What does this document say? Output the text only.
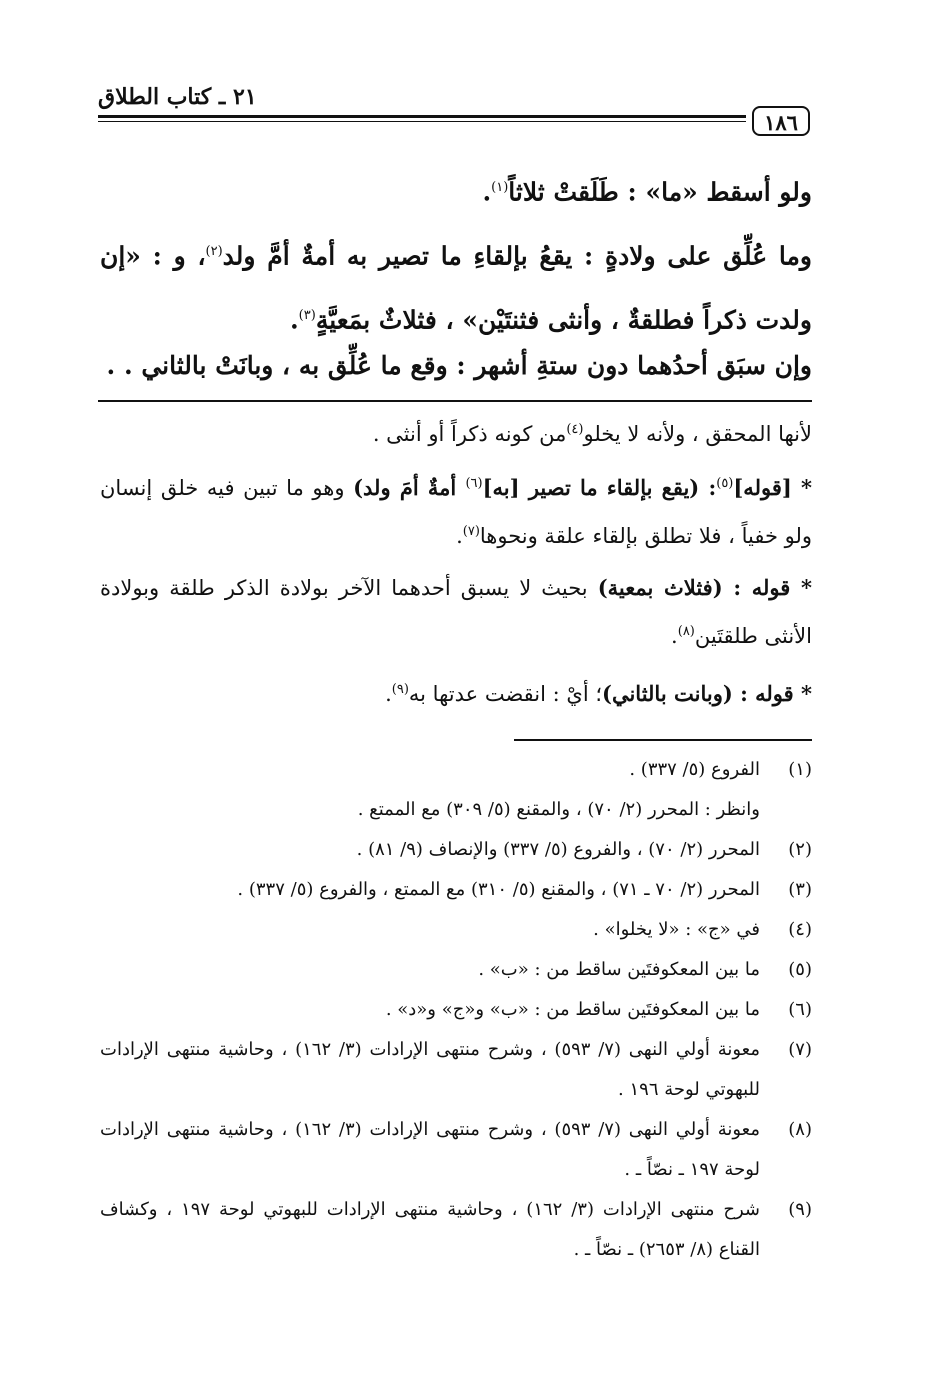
٢١ ـ كتاب الطلاق
١٨٦

ولو أسقط «ما» : طَلَقتْ ثلاثاً$^{(١)}$.

وما عُلِّق على ولادةٍ : يقعُ بإلقاءِ ما تصير به أمةٌ أمَّ ولد$^{(٢)}$، و : «إن ولدت ذكراً فطلقةٌ ، وأنثى فثنتَيْن» ، فثلاثٌ بمَعيَّةٍ$^{(٣)}$.

وإن سبَق أحدُهما دون ستةِ أشهر : وقع ما عُلِّق به ، وبانَتْ بالثاني . .

لأنها المحقق ، ولأنه لا يخلو$^{(٤)}$من كونه ذكراً أو أنثى .

* [قوله]$^{(٥)}$: (يقع بإلقاء ما تصير [به]$^{(٦)}$ أمةٌ أمَ ولد) وهو ما تبين فيه خلق إنسان ولو خفياً ، فلا تطلق بإلقاء علقة ونحوها$^{(٧)}$.

* قوله : (فثلاث بمعية) بحيث لا يسبق أحدهما الآخر بولادة الذكر طلقة وبولادة الأنثى طلقتَين$^{(٨)}$.

* قوله : (وبانت بالثاني)؛ أيْ : انقضت عدتها به$^{(٩)}$.

(١)
الفروع (٥/ ٣٣٧) .
وانظر : المحرر (٢/ ٧٠) ، والمقنع (٥/ ٣٠٩) مع الممتع .
(٢)
المحرر (٢/ ٧٠) ، والفروع (٥/ ٣٣٧) والإنصاف (٩/ ٨١) .
(٣)
المحرر (٢/ ٧٠ ـ ٧١) ، والمقنع (٥/ ٣١٠) مع الممتع ، والفروع (٥/ ٣٣٧) .
(٤)
في «ج» : «لا يخلوا» .
(٥)
ما بين المعكوفتَين ساقط من : «ب» .
(٦)
ما بين المعكوفتَين ساقط من : «ب» و«ج» و«د» .
(٧)
معونة أولي النهى (٧/ ٥٩٣) ، وشرح منتهى الإرادات (٣/ ١٦٢) ، وحاشية منتهى الإرادات للبهوتي لوحة ١٩٦ .
(٨)
معونة أولي النهى (٧/ ٥٩٣) ، وشرح منتهى الإرادات (٣/ ١٦٢) ، وحاشية منتهى الإرادات لوحة ١٩٧ ـ نصّاً ـ .
(٩)
شرح منتهى الإرادات (٣/ ١٦٢) ، وحاشية منتهى الإرادات للبهوتي لوحة ١٩٧ ، وكشاف القناع (٨/ ٢٦٥٣) ـ نصّاً ـ .
